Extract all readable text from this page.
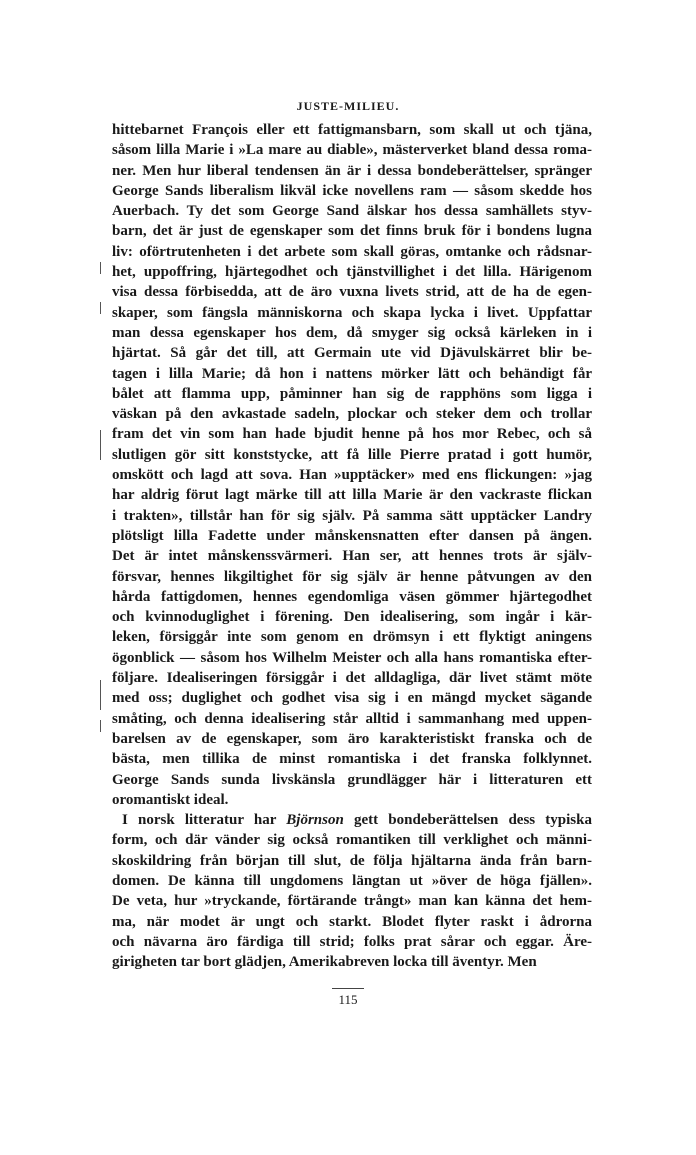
JUSTE-MILIEU.
hittebarnet François eller ett fattigmansbarn, som skall ut och tjäna,
såsom lilla Marie i »La mare au diable», mästerverket bland dessa roma-
ner. Men hur liberal tendensen än är i dessa bondeberättelser, spränger
George Sands liberalism likväl icke novellens ram — såsom skedde hos
Auerbach. Ty det som George Sand älskar hos dessa samhällets styv-
barn, det är just de egenskaper som det finns bruk för i bondens lugna
liv: oförtrutenheten i det arbete som skall göras, omtanke och rådsnar-
het, uppoffring, hjärtegodhet och tjänstvillighet i det lilla. Härigenom
visa dessa förbisedda, att de äro vuxna livets strid, att de ha de egen-
skaper, som fängsla människorna och skapa lycka i livet. Uppfattar
man dessa egenskaper hos dem, då smyger sig också kärleken in i
hjärtat. Så går det till, att Germain ute vid Djävulskärret blir be-
tagen i lilla Marie; då hon i nattens mörker lätt och behändigt får
bålet att flamma upp, påminner han sig de rapphöns som ligga i
väskan på den avkastade sadeln, plockar och steker dem och trollar
fram det vin som han hade bjudit henne på hos mor Rebec, och så
slutligen gör sitt konststycke, att få lille Pierre pratad i gott humör,
omskött och lagd att sova. Han »upptäcker» med ens flickungen: »jag
har aldrig förut lagt märke till att lilla Marie är den vackraste flickan
i trakten», tillstår han för sig själv. På samma sätt upptäcker Landry
plötsligt lilla Fadette under månskensnatten efter dansen på ängen.
Det är intet månskenssvärmeri. Han ser, att hennes trots är själv-
försvar, hennes likgiltighet för sig själv är henne påtvungen av den
hårda fattigdomen, hennes egendomliga väsen gömmer hjärtegodhet
och kvinnoduglighet i förening. Den idealisering, som ingår i kär-
leken, försiggår inte som genom en drömsyn i ett flyktigt aningens
ögonblick — såsom hos Wilhelm Meister och alla hans romantiska efter-
följare. Idealiseringen försiggår i det alldagliga, där livet stämt möte
med oss; duglighet och godhet visa sig i en mängd mycket sägande
småting, och denna idealisering står alltid i sammanhang med uppen-
barelsen av de egenskaper, som äro karakteristiskt franska och de
bästa, men tillika de minst romantiska i det franska folklynnet.
George Sands sunda livskänsla grundlägger här i litteraturen ett
oromantiskt ideal.
I norsk litteratur har Björnson gett bondeberättelsen dess typiska
form, och där vänder sig också romantiken till verklighet och männi-
skoskildring från början till slut, de följa hjältarna ända från barn-
domen. De känna till ungdomens längtan ut »över de höga fjällen».
De veta, hur »tryckande, förtärande trångt» man kan känna det hem-
ma, när modet är ungt och starkt. Blodet flyter raskt i ådrorna
och nävarna äro färdiga till strid; folks prat sårar och eggar. Äre-
girigheten tar bort glädjen, Amerikabreven locka till äventyr. Men
115
